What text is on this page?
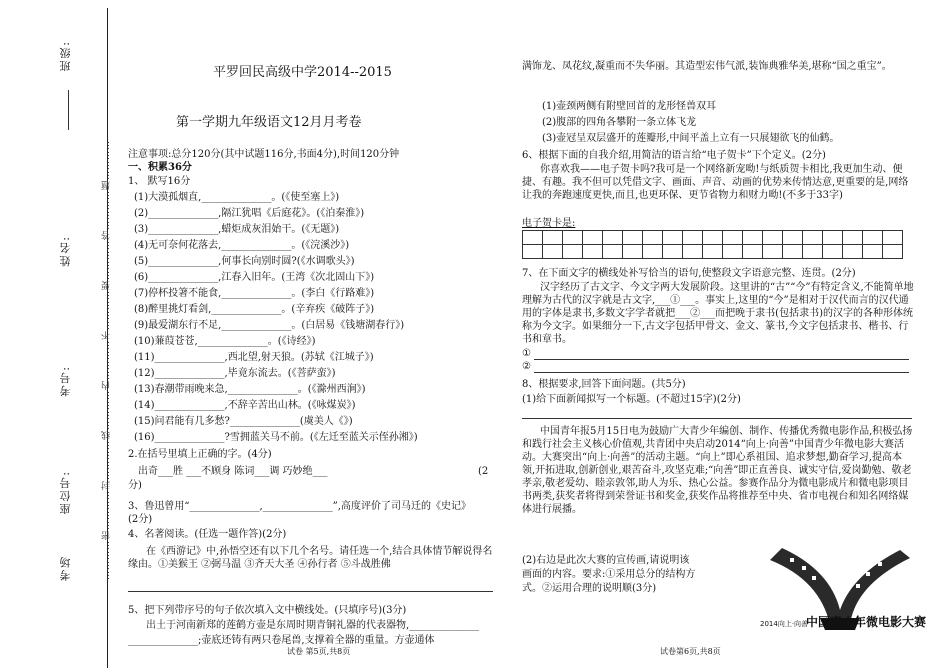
班级:
姓名:
考号:
座位号:
考场	…………密…………封…………线…………内…………不…………要…………答…………题…………
平罗回民高级中学2014--2015
第一学期九年级语文12月月考卷
注意事项:总分120分(其中试题116分,书面4分),时间120分钟
一、积累36分
1、 默写16分
(1)大漠孤烟直,______________。(《使至塞上》)
(2)______________,隔江犹唱《后庭花》。(《泊秦淮》)
(3)______________,蜡炬成灰泪始干。(《无题》)
(4)无可奈何花落去,______________。(《浣溪沙》)
(5)______________,何事长向别时圆?(《水调歌头》)
(6)______________,江春入旧年。(王湾《次北固山下》)
(7)停杯投箸不能食,______________。(李白《行路难》)
(8)醉里挑灯看剑,______________。(辛弃疾《破阵子》)
(9)最爱湖东行不足,______________。(白居易《钱塘湖春行》)
(10)蒹葭苍苍,______________。(《诗经》)
(11)______________,西北望,射天狼。(苏轼《江城子》)
(12)______________,毕竟东流去。(《菩萨蛮》)
(13)春潮带雨晚来急,______________。(《滁州西涧》)
(14)______________,不辞辛苦出山林。(《咏煤炭》)
(15)问君能有几多愁?______________(虞美人《》)
(16)______________?雪拥蓝关马不前。(《左迁至蓝关示侄孙湘》)
2.在括号里填上正确的字。(4分)
出奇___胜 ___不顾身 陈词___调 巧妙绝___	(2
分)
3、鲁迅曾用“______________,______________”,高度评价了司马迁的《史记》
(2分)
4、名著阅读。(任选一题作答)(2分)
在《西游记》中,孙悟空还有以下几个名号。请任选一个,结合具体情节解说得名缘由。①美猴王 ②弼马温 ③齐天大圣 ④孙行者 ⑤斗战胜佛
5、把下列带序号的句子依次填入文中横线处。(只填序号)(3分)
出土于河南新郑的莲鹤方壶是东周时期青铜礼器的代表器物,______________
______________;壶底还铸有两只卷尾兽,支撑着全器的重量。方壶通体
试卷 第5页,共8页
满饰龙、凤花纹,凝重而不失华丽。其造型宏伟气派,装饰典雅华美,堪称“国之重宝”。
(1)壶颈两侧有附壁回首的龙形怪兽双耳
(2)腹部的四角各攀附一条立体飞龙
(3)壶冠呈双层盛开的莲瓣形,中间平盖上立有一只展翅欲飞的仙鹤。
6、根据下面的自我介绍,用简洁的语言给“电子贺卡”下个定义。(2分)
你喜欢我——电子贺卡吗?我可是一个网络新宠呦!与纸质贺卡相比,我更加生动、便捷、有趣。我不但可以凭借文字、画面、声音、动画的优势来传情达意,更重要的是,网络让我的奔跑速度更快,而且,也更环保、更节省物力和财力呦!(不多于33字)
电子贺卡是:
7、在下面文字的横线处补写恰当的语句,使整段文字语意完整、连贯。(2分)
汉字经历了古文字、今文字两大发展阶段。这里讲的“古”“今”有特定含义,不能简单地理解为古代的汉字就是古文字,___①___。事实上,这里的“今”是相对于汉代而言的汉代通用的字体是隶书,多数文字学者就把___②___而把晚于隶书(包括隶书)的汉字的各种形体统称为今文字。如果细分一下,古文字包括甲骨文、金文、篆书,今文字包括隶书、楷书、行书和章书。
①
②
8、根据要求,回答下面问题。(共5分)
(1)给下面新闻拟写一个标题。(不超过15字)(2分)
中国青年报5月15日电为鼓励广大青少年编创、制作、传播优秀微电影作品,积极弘扬和践行社会主义核心价值观,共青团中央启动2014“向上·向善”中国青少年微电影大赛活动。大赛突出“向上·向善”的活动主题。“向上”即心系祖国、追求梦想,勤奋学习,提高本领,开拓进取,创新创业,艰苦奋斗,攻坚克难;“向善”即正直善良、诚实守信,爱岗勤勉、敬老孝亲,敬老爱幼、睦亲敦邻,助人为乐、热心公益。参赛作品分为微电影成片和微电影项目书两类,获奖者将得到荣誉证书和奖金,获奖作品将推荐至中央、省市电视台和知名网络媒体进行展播。
(2)右边是此次大赛的宣传画,请说明该
画面的内容。要求:①采用总分的结构方
式。②运用合理的说明顺(3分)
2014向上·向善
中国青少年微电影大赛
试卷第6页,共8页
